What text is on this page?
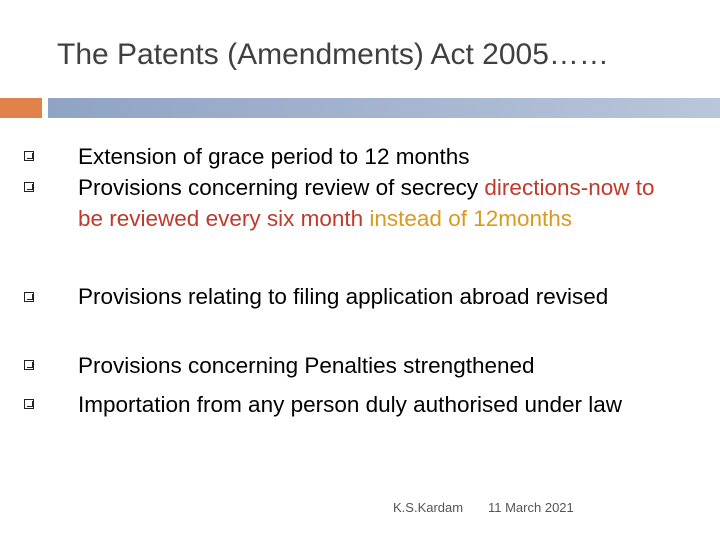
The Patents (Amendments) Act 2005……
Extension of grace period to 12 months
Provisions concerning review of secrecy directions-now to be reviewed every six month instead of 12months
Provisions relating to filing application abroad revised
Provisions concerning Penalties strengthened
Importation from any person duly authorised under law
K.S.Kardam 11 March 2021
